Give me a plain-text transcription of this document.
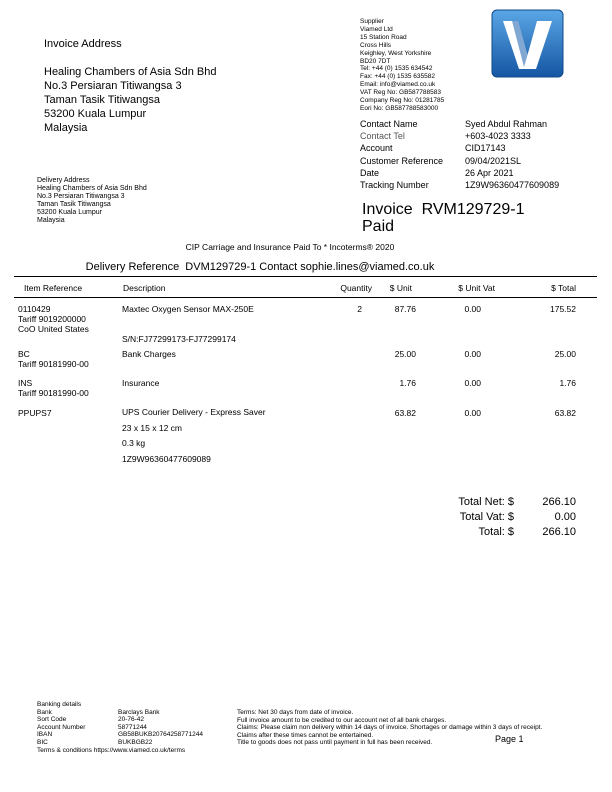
Invoice Address
Healing Chambers of Asia Sdn Bhd
No.3 Persiaran Titiwangsa 3
Taman Tasik Titiwangsa
53200 Kuala Lumpur
Malaysia
Supplier
Viamed Ltd
15 Station Road
Cross Hills
Keighley, West Yorkshire
BD20 7DT
Tel: +44 (0) 1535 634542
Fax: +44 (0) 1535 635582
Email: info@viamed.co.uk
VAT Reg No: GB587788583
Company Reg No: 01281785
Eori No: GB587788583000
Contact Name	Syed Abdul Rahman
Contact Tel	+603-4023 3333
Account	CID17143
Customer Reference 09/04/2021SL
Date	26 Apr 2021
Tracking Number	1Z9W96360477609089
Delivery Address
Healing Chambers of Asia Sdn Bhd
No.3 Persiaran Titiwangsa 3
Taman Tasik Titiwangsa
53200 Kuala Lumpur
Malaysia
Invoice  RVM129729-1
Paid
CIP Carriage and Insurance Paid To * Incoterms® 2020
Delivery Reference  DVM129729-1 Contact sophie.lines@viamed.co.uk
Item Reference	Description	Quantity	$ Unit	$ Unit Vat	$ Total
0110429
Tariff 9019200000
CoO United States
Maxtec Oxygen Sensor MAX-250E
S/N:FJ77299173-FJ77299174
2	87.76	0.00	175.52
BC
Tariff 90181990-00
Bank Charges	25.00	0.00	25.00
INS
Tariff 90181990-00
Insurance	1.76	0.00	1.76
PPUPS7	UPS Courier Delivery - Express Saver
23 x 15 x 12 cm
0.3 kg
1Z9W96360477609089
63.82	0.00	63.82
Total Net: $	266.10
Total Vat: $	0.00
Total: $	266.10
Banking details
Bank	Barclays Bank
Sort Code	20-76-42
Account Number	58771244
IBAN	GB58BUKB20764258771244
BIC	BUKBGB22
Terms & conditions https://www.viamed.co.uk/terms
Terms: Net 30 days from date of invoice.
Full invoice amount to be credited to our account net of all bank charges.
Claims: Please claim non delivery within 14 days of invoice. Shortages or damage within 3 days of receipt.
Claims after these times cannot be entertained.
Title to goods does not pass until payment in full has been received.	Page 1
